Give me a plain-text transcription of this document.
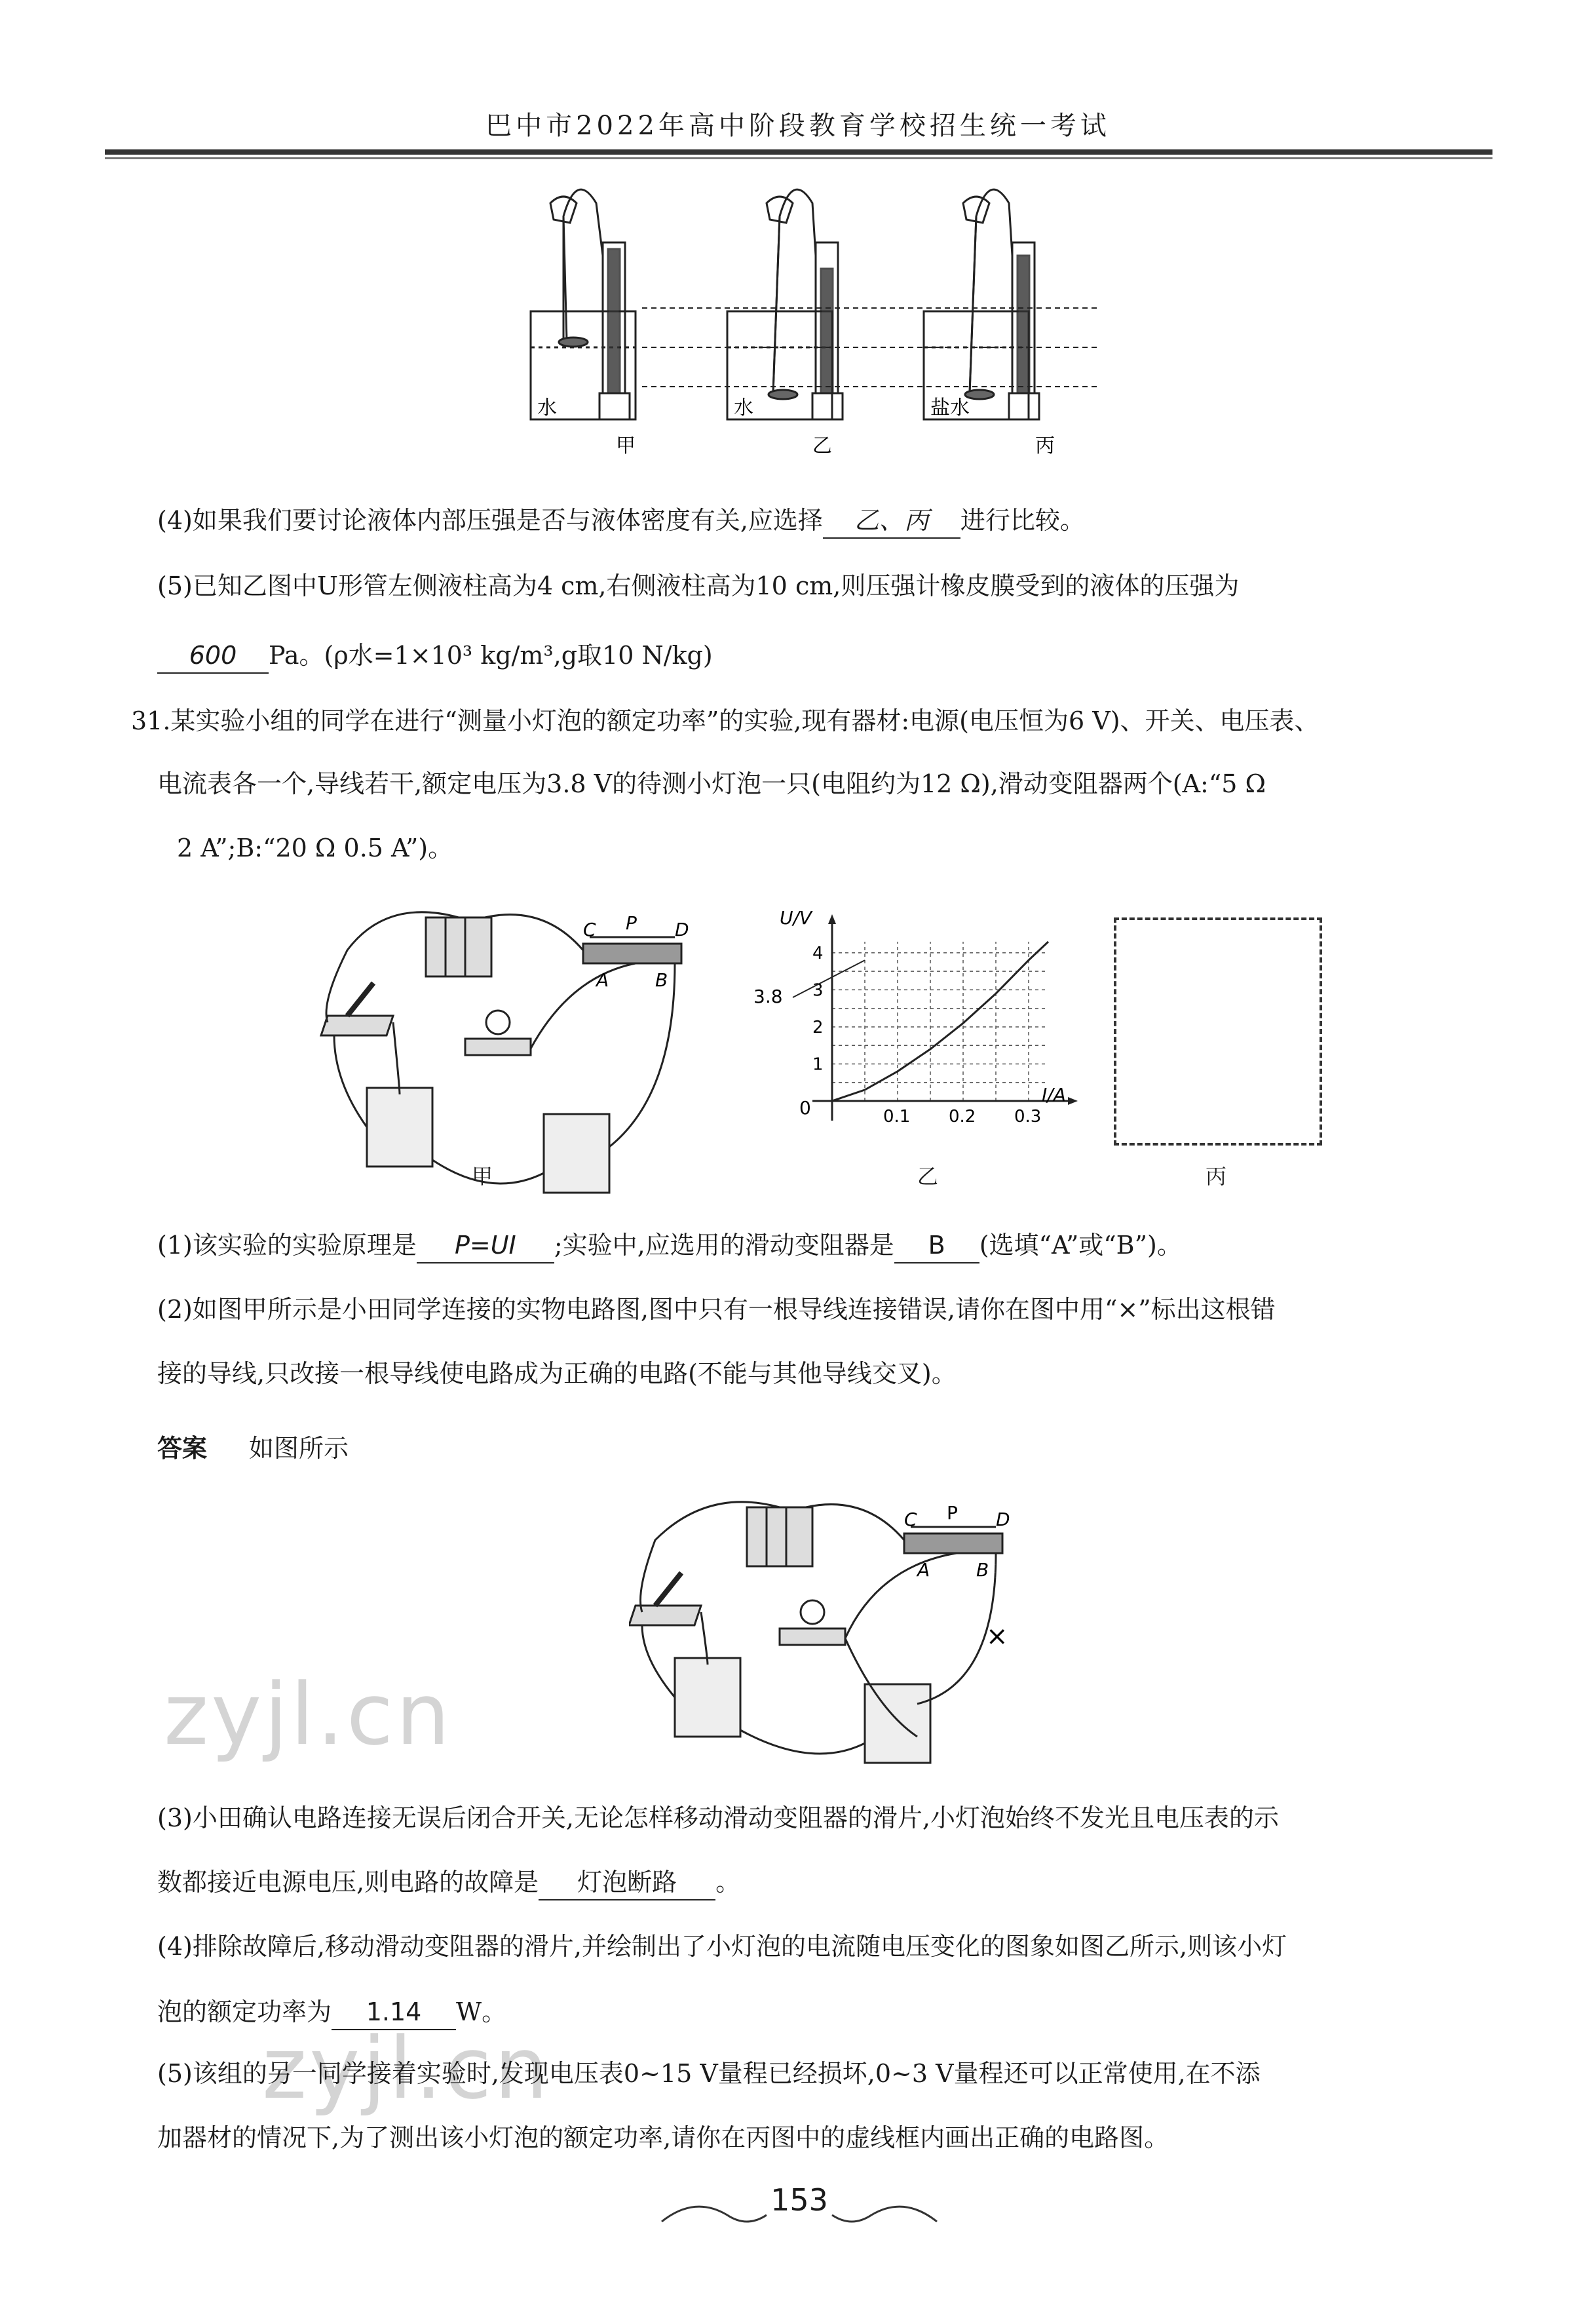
巴中市2022年高中阶段教育学校招生统一考试
水	水	盐水
甲	乙	丙
(4)如果我们要讨论液体内部压强是否与液体密度有关,应选择 乙、丙 进行比较。
(5)已知乙图中U形管左侧液柱高为4 cm,右侧液柱高为10 cm,则压强计橡皮膜受到的液体的压强为
600 Pa。(ρ水=1×10³ kg/m³,g取10 N/kg)
31.某实验小组的同学在进行“测量小灯泡的额定功率”的实验,现有器材:电源(电压恒为6 V)、开关、电压表、
电流表各一个,导线若干,额定电压为3.8 V的待测小灯泡一只(电阻约为12 Ω),滑动变阻器两个(A:“5 Ω
2 A”;B:“20 Ω 0.5 A”)。
C P D
A	B
甲
U/V
I/A
0
3.8
0.1 0.2 0.3
1
2
3
4
乙	丙
(1)该实验的实验原理是 P=UI ;实验中,应选用的滑动变阻器是 B (选填“A”或“B”)。
(2)如图甲所示是小田同学连接的实物电路图,图中只有一根导线连接错误,请你在图中用“×”标出这根错
接的导线,只改接一根导线使电路成为正确的电路(不能与其他导线交叉)。
答案 如图所示
×
C P D
A	B
zyjl.cn
zyjl.cn
(3)小田确认电路连接无误后闭合开关,无论怎样移动滑动变阻器的滑片,小灯泡始终不发光且电压表的示
数都接近电源电压,则电路的故障是 灯泡断路 。
(4)排除故障后,移动滑动变阻器的滑片,并绘制出了小灯泡的电流随电压变化的图象如图乙所示,则该小灯
泡的额定功率为 1.14 W。
(5)该组的另一同学接着实验时,发现电压表0~15 V量程已经损坏,0~3 V量程还可以正常使用,在不添
加器材的情况下,为了测出该小灯泡的额定功率,请你在丙图中的虚线框内画出正确的电路图。
153
